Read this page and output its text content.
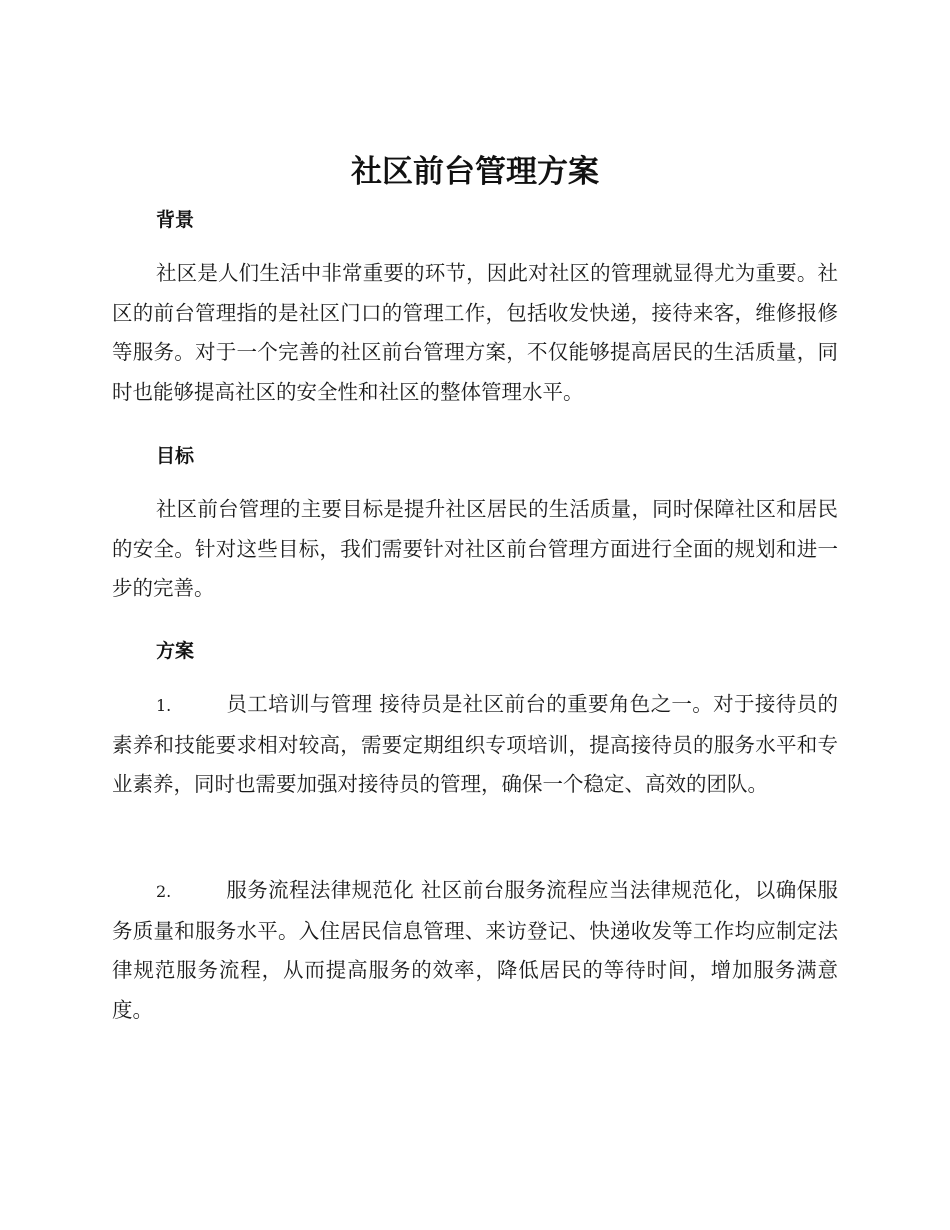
社区前台管理方案
背景

社区是人们生活中非常重要的环节，因此对社区的管理就显得尤为重要。社区的前台管理指的是社区门口的管理工作，包括收发快递，接待来客，维修报修等服务。对于一个完善的社区前台管理方案，不仅能够提高居民的生活质量，同时也能够提高社区的安全性和社区的整体管理水平。

目标

社区前台管理的主要目标是提升社区居民的生活质量，同时保障社区和居民的安全。针对这些目标，我们需要针对社区前台管理方面进行全面的规划和进一步的完善。

方案

1.	员工培训与管理 接待员是社区前台的重要角色之一。对于接待员的素养和技能要求相对较高，需要定期组织专项培训，提高接待员的服务水平和专业素养，同时也需要加强对接待员的管理，确保一个稳定、高效的团队。

2.	服务流程法律规范化 社区前台服务流程应当法律规范化，以确保服务质量和服务水平。入住居民信息管理、来访登记、快递收发等工作均应制定法律规范服务流程，从而提高服务的效率，降低居民的等待时间，增加服务满意度。
